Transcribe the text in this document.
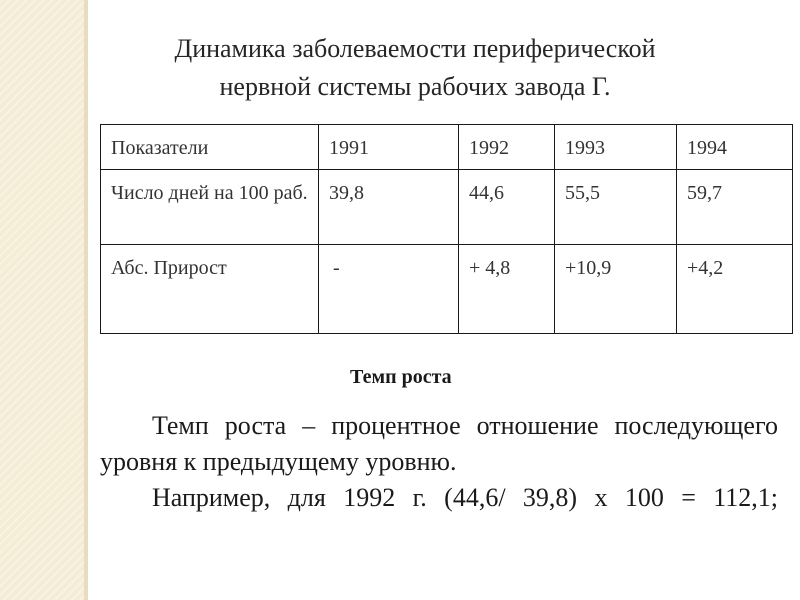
Динамика заболеваемости периферической
нервной системы рабочих завода Г.
Показатели	1991	1992	1993	1994
Число дней на 100 раб.	39,8	44,6	55,5	59,7
Абс. Прирост	-	+ 4,8	+10,9	+4,2
Темп роста

Темп роста – процентное отношение последующего уровня к предыдущему уровню.

Например, для 1992 г. (44,6/ 39,8) х 100 = 112,1;
